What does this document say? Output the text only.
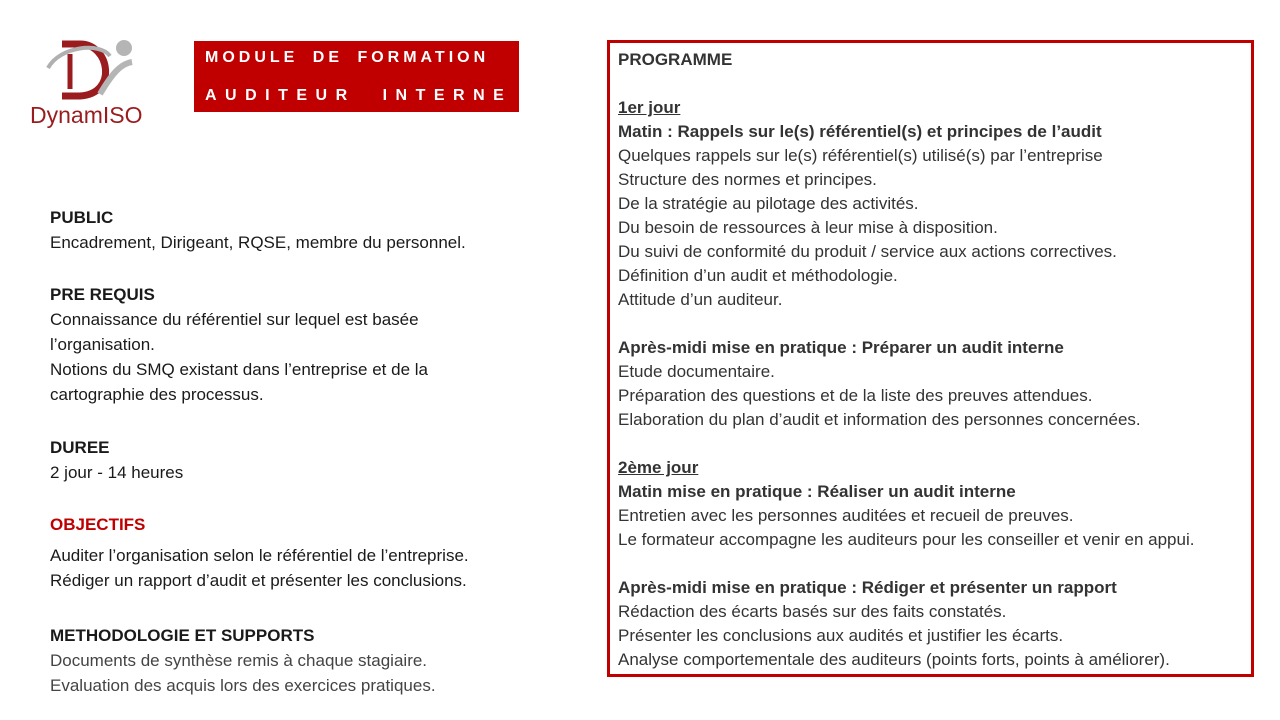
DynamISO
MODULE DE FORMATION
AUDITEUR INTERNE
PUBLIC
Encadrement, Dirigeant, RQSE, membre du personnel.
PRE REQUIS
Connaissance du référentiel sur lequel est basée
l’organisation.
Notions du SMQ existant dans l’entreprise et de la
cartographie des processus.
DUREE
2 jour - 14 heures
OBJECTIFS
Auditer l’organisation selon le référentiel de l’entreprise.
Rédiger un rapport d’audit et présenter les conclusions.
METHODOLOGIE ET SUPPORTS
Documents de synthèse remis à chaque stagiaire.
Evaluation des acquis lors des exercices pratiques.
PROGRAMME
1er jour
Matin : Rappels sur le(s) référentiel(s) et principes de l’audit
Quelques rappels sur le(s) référentiel(s) utilisé(s) par l’entreprise
Structure des normes et principes.
De la stratégie au pilotage des activités.
Du besoin de ressources à leur mise à disposition.
Du suivi de conformité du produit / service aux actions correctives.
Définition d’un audit et méthodologie.
Attitude d’un auditeur.
Après-midi mise en pratique : Préparer un audit interne
Etude documentaire.
Préparation des questions et de la liste des preuves attendues.
Elaboration du plan d’audit et information des personnes concernées.
2ème jour
Matin mise en pratique : Réaliser un audit interne
Entretien avec les personnes auditées et recueil de preuves.
Le formateur accompagne les auditeurs pour les conseiller et venir en appui.
Après-midi mise en pratique : Rédiger et présenter un rapport
Rédaction des écarts basés sur des faits constatés.
Présenter les conclusions aux audités et justifier les écarts.
Analyse comportementale des auditeurs (points forts, points à améliorer).
